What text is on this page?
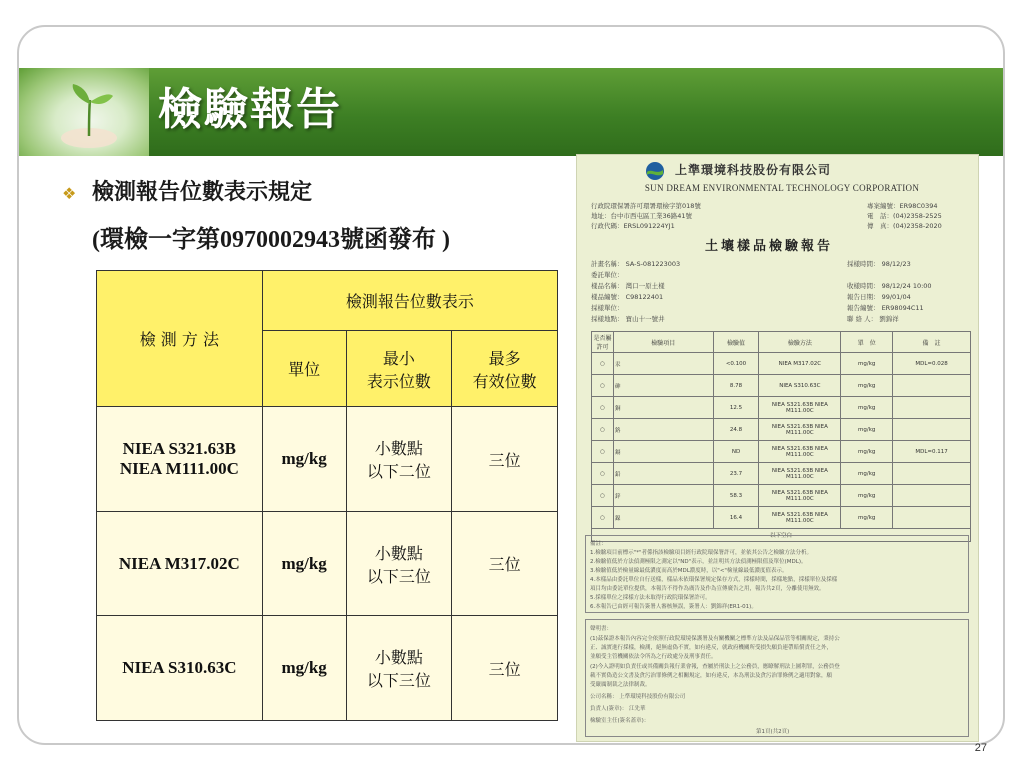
檢驗報告
❖ 檢測報告位數表示規定
(環檢一字第0970002943號函發布 )
檢 測 方 法	檢測報告位數表示		
	單位	最小
表示位數	最多
有效位數
NIEA S321.63B
NIEA M111.00C	mg/kg	小數點
以下二位	三位
NIEA M317.02C	mg/kg	小數點
以下三位	三位
NIEA S310.63C	mg/kg	小數點
以下三位	三位
上準環境科技股份有限公司
SUN DREAM ENVIRONMENTAL TECHNOLOGY CORPORATION
行政院環保署許可環署環檢字第018號
地址：台中市西屯區工業36路41號
行政代碼：ERSL091224YJ1
專案編號：ER98C0394
電　話：(04)2358-2525
傳　真：(04)2358-2020
土壤樣品檢驗報告
計畫名稱： SA-S-081223003
委託單位：
樣品名稱： 灣口一原土樣
樣品編號： C98122401
採樣單位：
採樣地點： 寶山十一號井
採樣時間： 98/12/23
收樣時間： 98/12/24 10:00
報告日期： 99/01/04
報告編號： ER98094C11
聯 絡 人： 劉錦祥
是否屬許可	檢驗項目	檢驗值	檢驗方法	單　位	備　註
○	汞	<0.100	NIEA M317.02C	mg/kg	MDL=0.028
○	砷	8.78	NIEA S310.63C	mg/kg	
○	銅	12.5	NIEA S321.63B NIEA M111.00C	mg/kg	
○	鉻	24.8	NIEA S321.63B NIEA M111.00C	mg/kg	
○	鎘	ND	NIEA S321.63B NIEA M111.00C	mg/kg	MDL=0.117
○	鉛	23.7	NIEA S321.63B NIEA M111.00C	mg/kg	
○	鋅	58.3	NIEA S321.63B NIEA M111.00C	mg/kg	
○	鎳	16.4	NIEA S321.63B NIEA M111.00C	mg/kg	
以下空白					
備註：
1.檢驗項目前標示"*"者係指該檢驗項目經行政院環保署許可，並依其公告之檢驗方法分析。
2.檢驗值低於方法偵測極限之測定以"ND"表示，並註明其方法偵測極限值及單位(MDL)。
3.檢驗值低於檢量線最低濃度而高於MDL濃度時，以"<"檢量線最低濃度值表示。
4.本樣品由委託單位自行送樣，樣品未依環保署規定保存方式，採樣時間，採樣地點，採樣單位及採樣
項目均由委託單位提供，本報告不得作為廣告及作為宣傳廣告之用，報告共2頁，分離使用無效。
5.採樣單位之採樣方法未取得行政院環保署許可。
6.本報告已由經可報告簽署人審核無誤，簽署人：劉錦祥(ER1-01)。
聲明書：
(1)茲保證本報告內容完全依照行政院環境保護署及有關機關之標準方法及品保品管等相關規定，秉持公
正、誠實進行採樣，檢測，絕無虛偽不實，如有違反，就政府機關所受損失願負連帶賠償責任之外，
並願受主管機關依法令所為之行政處分及刑事責任。
(2)今入證明如負責任或其備關負報行業會報，查屬於刑法上之公務員，應瞭解刑法上圖利罪，公務員登
載不實偽造公文書及貪污治罪條例之相關規定，如有違反，本為刑法及貪污治罪條例之適用對象，願
受嚴厲制裁之法律制裁。
公司名稱： 上準環境科技股份有限公司
負責人(簽章)： 江先華
檢驗室主任(簽名蓋章)：
第1頁(共2頁)
27
